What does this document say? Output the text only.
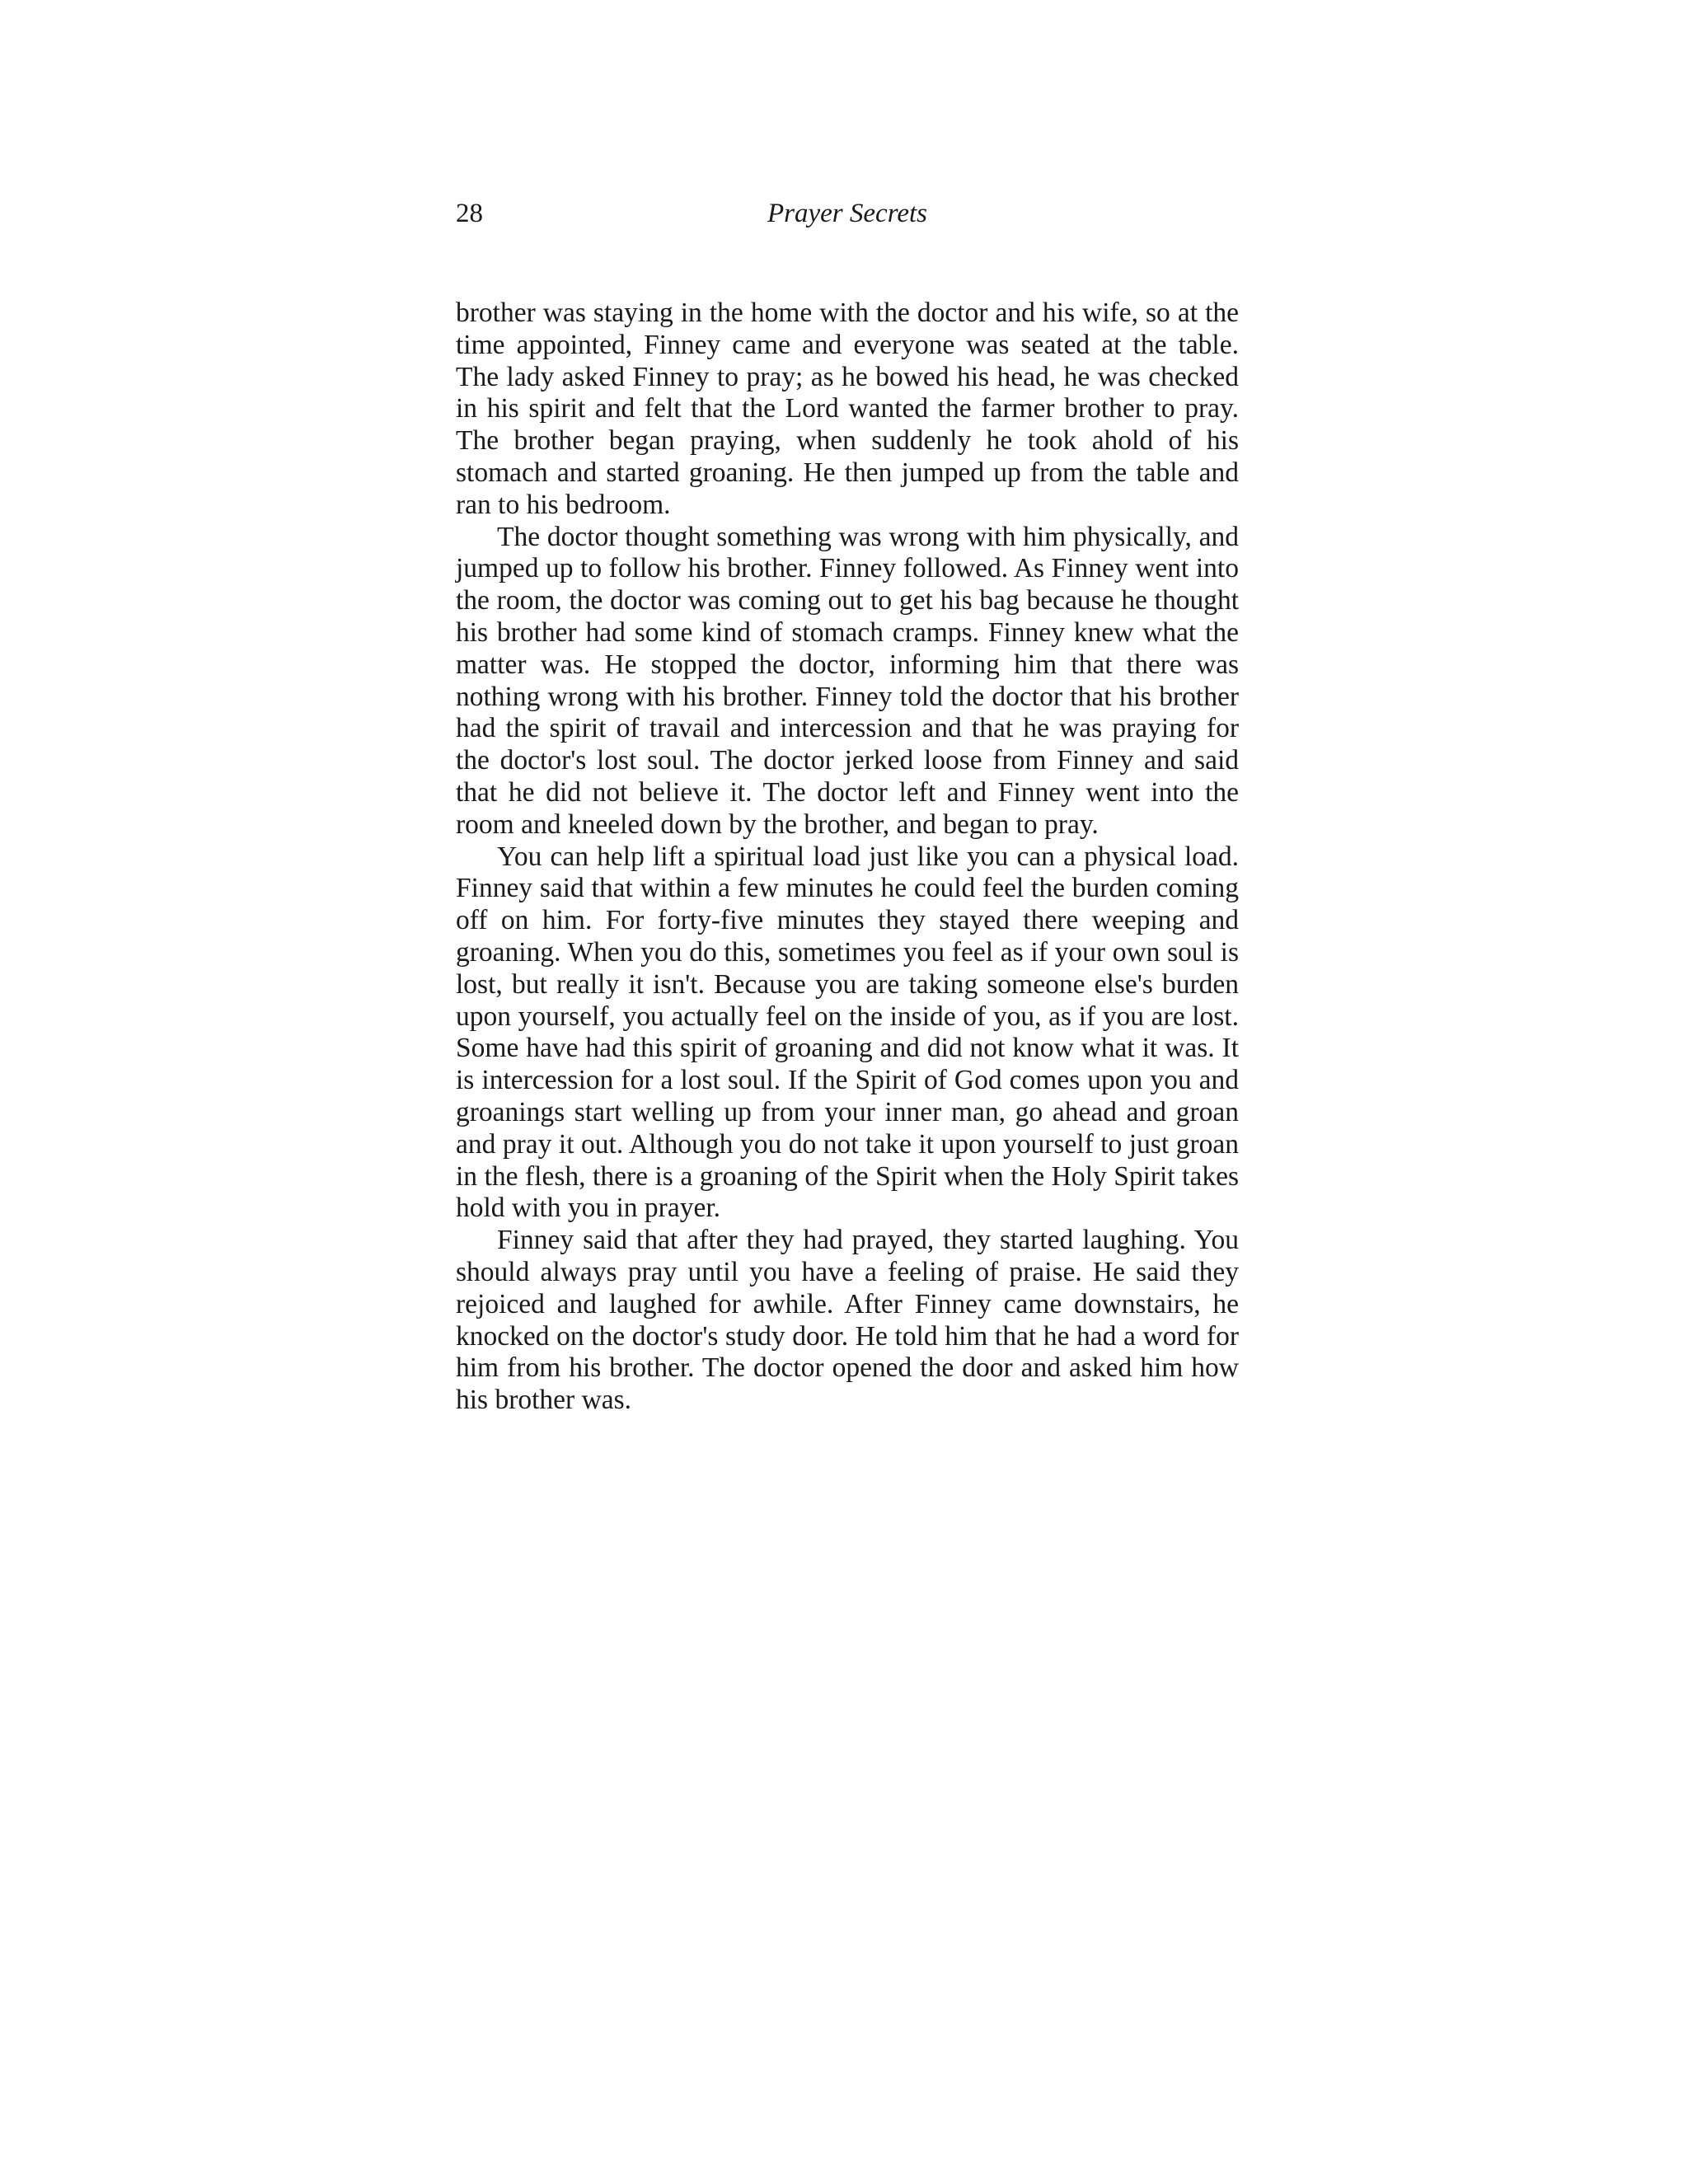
28	Prayer Secrets

brother was staying in the home with the doctor and his wife, so at the time appointed, Finney came and everyone was seated at the table. The lady asked Finney to pray; as he bowed his head, he was checked in his spirit and felt that the Lord wanted the farmer brother to pray. The brother began praying, when suddenly he took ahold of his stomach and started groaning. He then jumped up from the table and ran to his bedroom.

The doctor thought something was wrong with him physically, and jumped up to follow his brother. Finney followed. As Finney went into the room, the doctor was coming out to get his bag because he thought his brother had some kind of stomach cramps. Finney knew what the matter was. He stopped the doctor, informing him that there was nothing wrong with his brother. Finney told the doctor that his brother had the spirit of travail and intercession and that he was praying for the doctor's lost soul. The doctor jerked loose from Finney and said that he did not believe it. The doctor left and Finney went into the room and kneeled down by the brother, and began to pray.

You can help lift a spiritual load just like you can a physical load. Finney said that within a few minutes he could feel the burden coming off on him. For forty-five minutes they stayed there weeping and groaning. When you do this, sometimes you feel as if your own soul is lost, but really it isn't. Because you are taking someone else's burden upon yourself, you actually feel on the inside of you, as if you are lost. Some have had this spirit of groaning and did not know what it was. It is intercession for a lost soul. If the Spirit of God comes upon you and groanings start welling up from your inner man, go ahead and groan and pray it out. Although you do not take it upon yourself to just groan in the flesh, there is a groaning of the Spirit when the Holy Spirit takes hold with you in prayer.

Finney said that after they had prayed, they started laughing. You should always pray until you have a feeling of praise. He said they rejoiced and laughed for awhile. After Finney came downstairs, he knocked on the doctor's study door. He told him that he had a word for him from his brother. The doctor opened the door and asked him how his brother was.
